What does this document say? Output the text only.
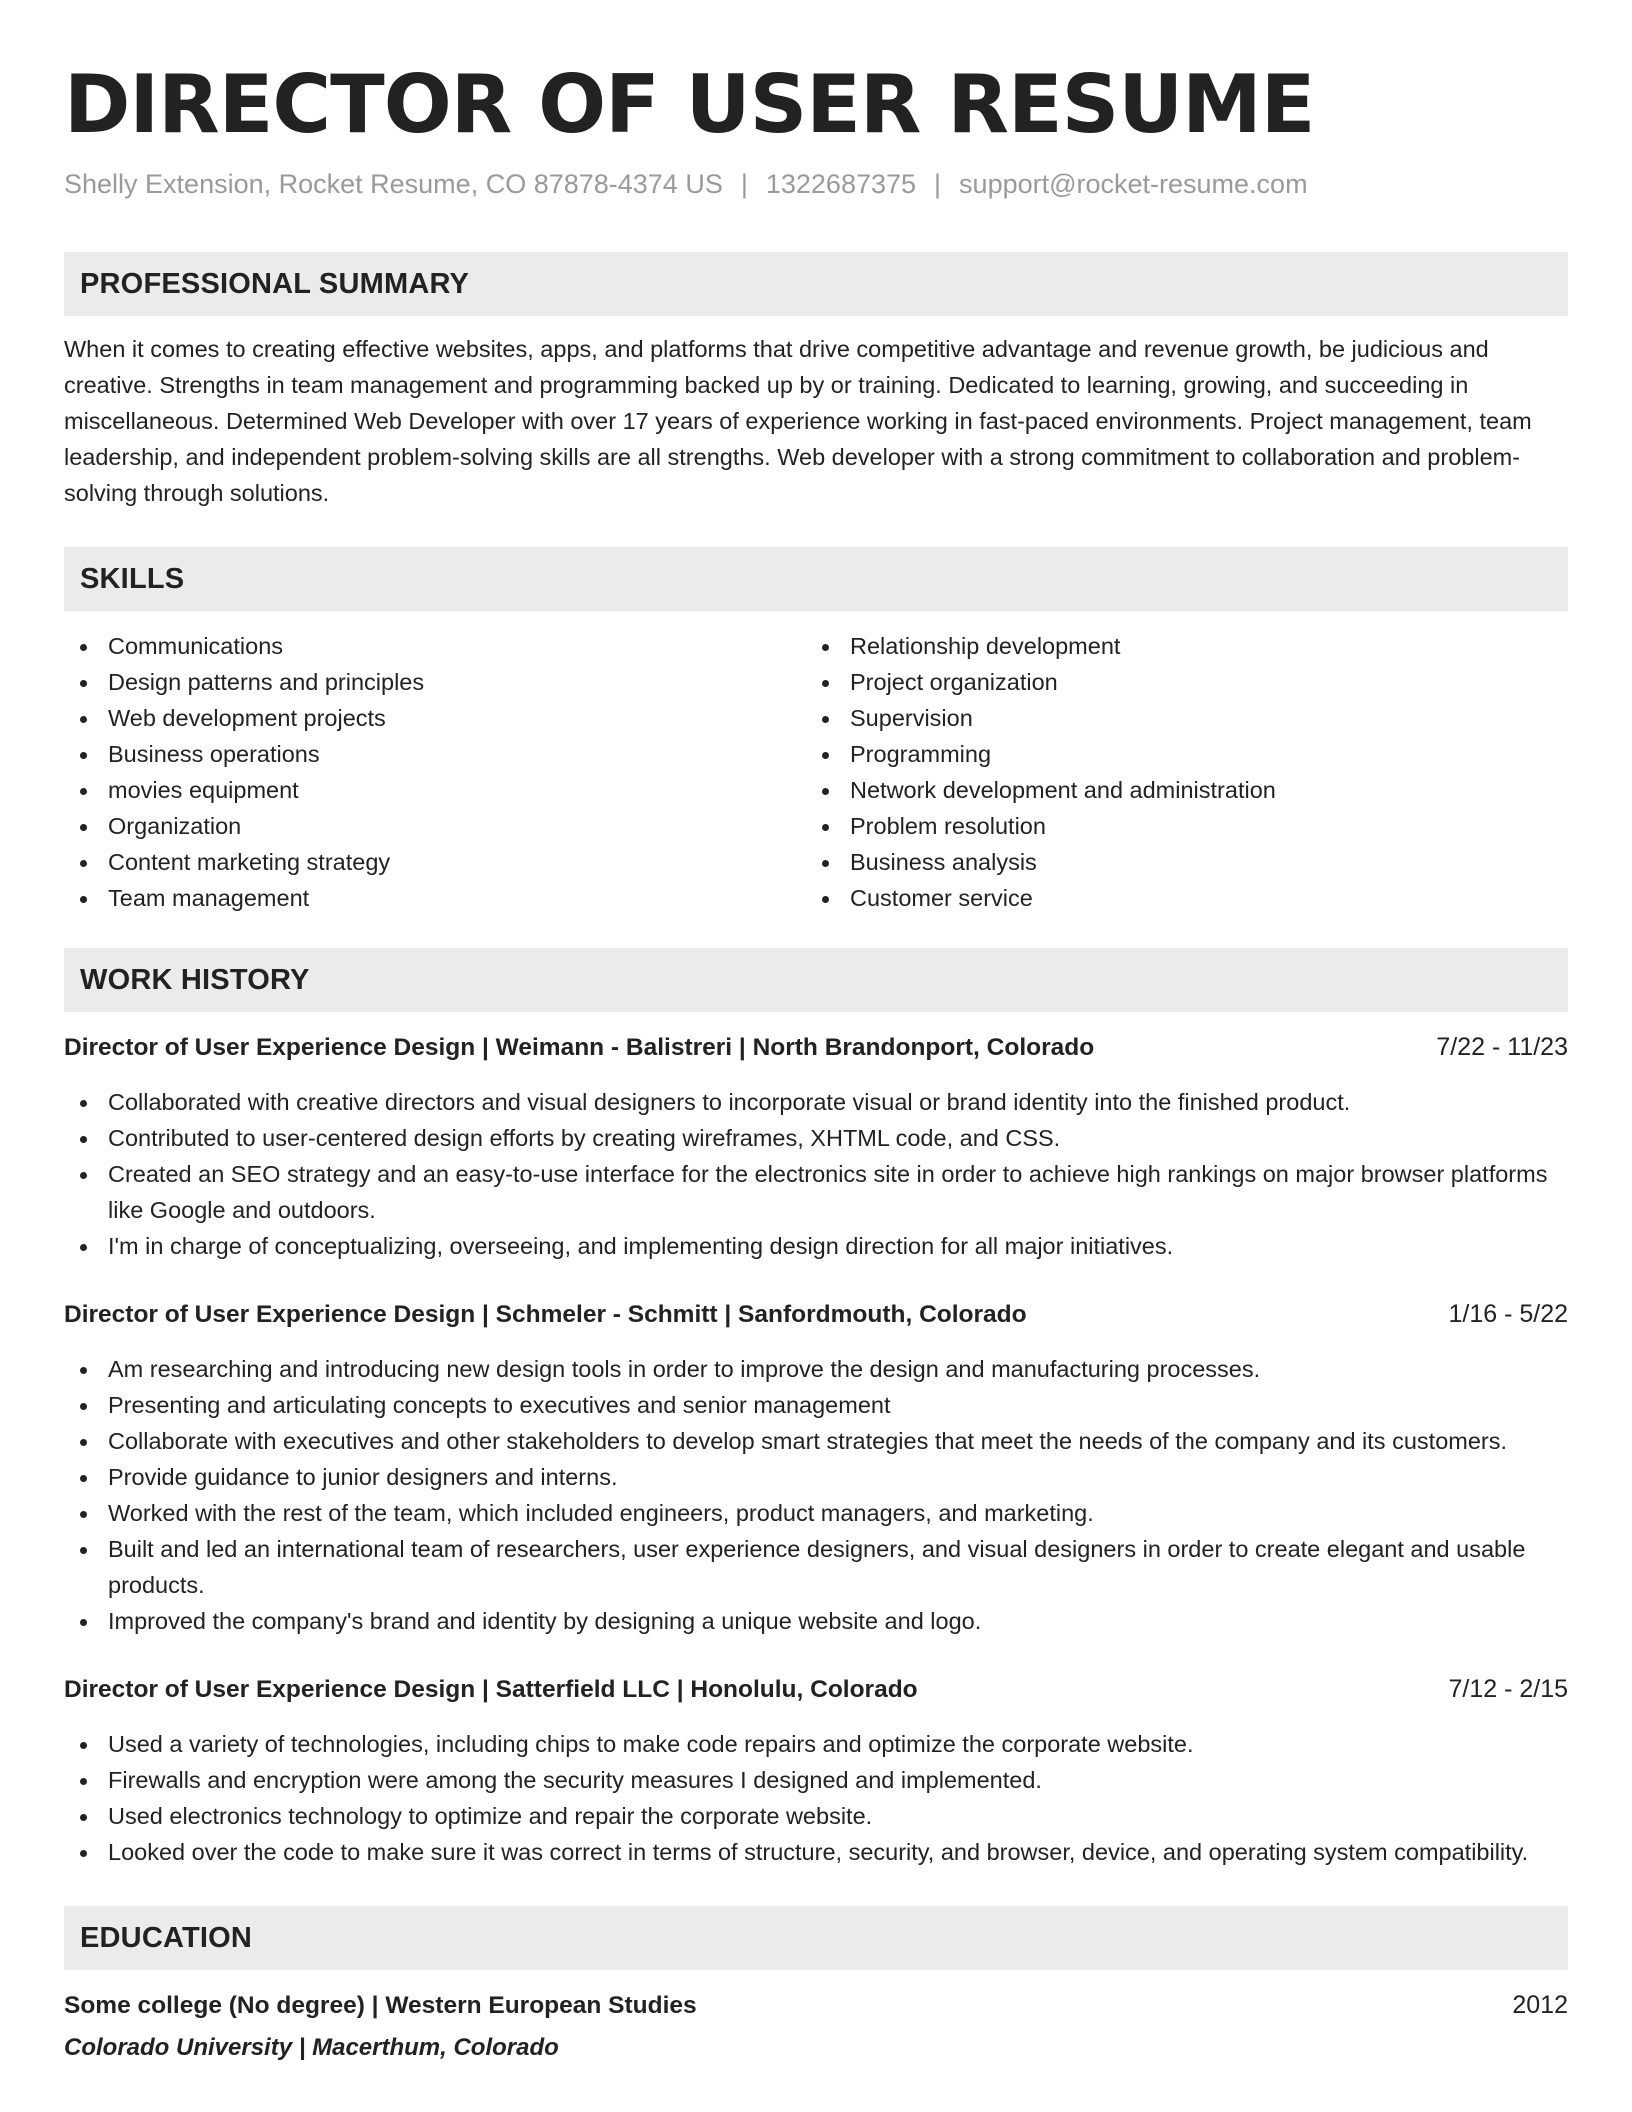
DIRECTOR OF USER RESUME
Shelly Extension, Rocket Resume, CO 87878-4374 US | 1322687375 | support@rocket-resume.com
PROFESSIONAL SUMMARY

When it comes to creating effective websites, apps, and platforms that drive competitive advantage and revenue growth, be judicious and creative. Strengths in team management and programming backed up by or training. Dedicated to learning, growing, and succeeding in miscellaneous. Determined Web Developer with over 17 years of experience working in fast-paced environments. Project management, team leadership, and independent problem-solving skills are all strengths. Web developer with a strong commitment to collaboration and problem-solving through solutions.

SKILLS
Communications
Design patterns and principles
Web development projects
Business operations
movies equipment
Organization
Content marketing strategy
Team management
Relationship development
Project organization
Supervision
Programming
Network development and administration
Problem resolution
Business analysis
Customer service
WORK HISTORY
Director of User Experience Design | Weimann - Balistreri | North Brandonport, Colorado	7/22 - 11/23
Collaborated with creative directors and visual designers to incorporate visual or brand identity into the finished product.
Contributed to user-centered design efforts by creating wireframes, XHTML code, and CSS.
Created an SEO strategy and an easy-to-use interface for the electronics site in order to achieve high rankings on major browser platforms like Google and outdoors.
I'm in charge of conceptualizing, overseeing, and implementing design direction for all major initiatives.
Director of User Experience Design | Schmeler - Schmitt | Sanfordmouth, Colorado	1/16 - 5/22
Am researching and introducing new design tools in order to improve the design and manufacturing processes.
Presenting and articulating concepts to executives and senior management
Collaborate with executives and other stakeholders to develop smart strategies that meet the needs of the company and its customers.
Provide guidance to junior designers and interns.
Worked with the rest of the team, which included engineers, product managers, and marketing.
Built and led an international team of researchers, user experience designers, and visual designers in order to create elegant and usable products.
Improved the company's brand and identity by designing a unique website and logo.
Director of User Experience Design | Satterfield LLC | Honolulu, Colorado	7/12 - 2/15
Used a variety of technologies, including chips to make code repairs and optimize the corporate website.
Firewalls and encryption were among the security measures I designed and implemented.
Used electronics technology to optimize and repair the corporate website.
Looked over the code to make sure it was correct in terms of structure, security, and browser, device, and operating system compatibility.
EDUCATION
Some college (No degree) | Western European Studies	2012
Colorado University | Macerthum, Colorado
